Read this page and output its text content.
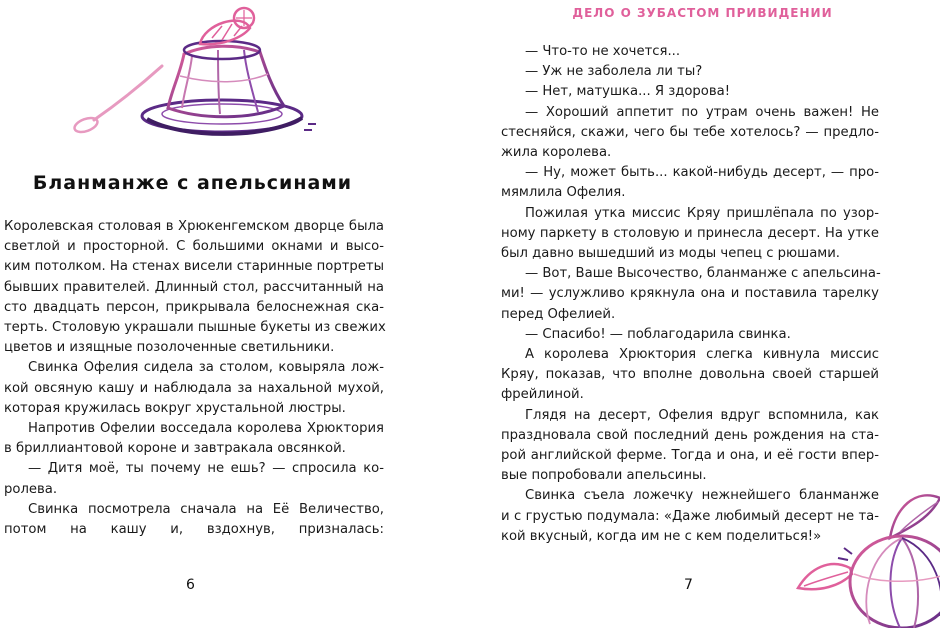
Бланманже с апельсинами

Королевская столовая в Хрюкенгемском дворце была
светлой и просторной. С большими окнами и высо-
ким потолком. На стенах висели старинные портреты
бывших правителей. Длинный стол, рассчитанный на
сто двадцать персон, прикрывала белоснежная ска-
терть. Столовую украшали пышные букеты из свежих
цветов и изящные позолоченные светильники.

Свинка Офелия сидела за столом, ковыряла лож-
кой овсяную кашу и наблюдала за нахальной мухой,
которая кружилась вокруг хрустальной люстры.

Напротив Офелии восседала королева Хрюктория
в бриллиантовой короне и завтракала овсянкой.

— Дитя моё, ты почему не ешь? — спросила ко-
ролева.

Свинка посмотрела сначала на Её Величество,
потом на кашу и, вздохнув, призналась:

6
ДЕЛО О ЗУБАСТОМ ПРИВИДЕНИИ

— Что-то не хочется...

— Уж не заболела ли ты?

— Нет, матушка... Я здорова!

— Хороший аппетит по утрам очень важен! Не
стесняйся, скажи, чего бы тебе хотелось? — предло-
жила королева.

— Ну, может быть... какой-нибудь десерт, — про-
мямлила Офелия.

Пожилая утка миссис Кряу пришлёпала по узор-
ному паркету в столовую и принесла десерт. На утке
был давно вышедший из моды чепец с рюшами.

— Вот, Ваше Высочество, бланманже с апельсина-
ми! — услужливо крякнула она и поставила тарелку
перед Офелией.

— Спасибо! — поблагодарила свинка.

А королева Хрюктория слегка кивнула миссис
Кряу, показав, что вполне довольна своей старшей
фрейлиной.

Глядя на десерт, Офелия вдруг вспомнила, как
праздновала свой последний день рождения на ста-
рой английской ферме. Тогда и она, и её гости впер-
вые попробовали апельсины.

Свинка съела ложечку нежнейшего бланманже
и с грустью подумала: «Даже любимый десерт не та-
кой вкусный, когда им не с кем поделиться!»

7
